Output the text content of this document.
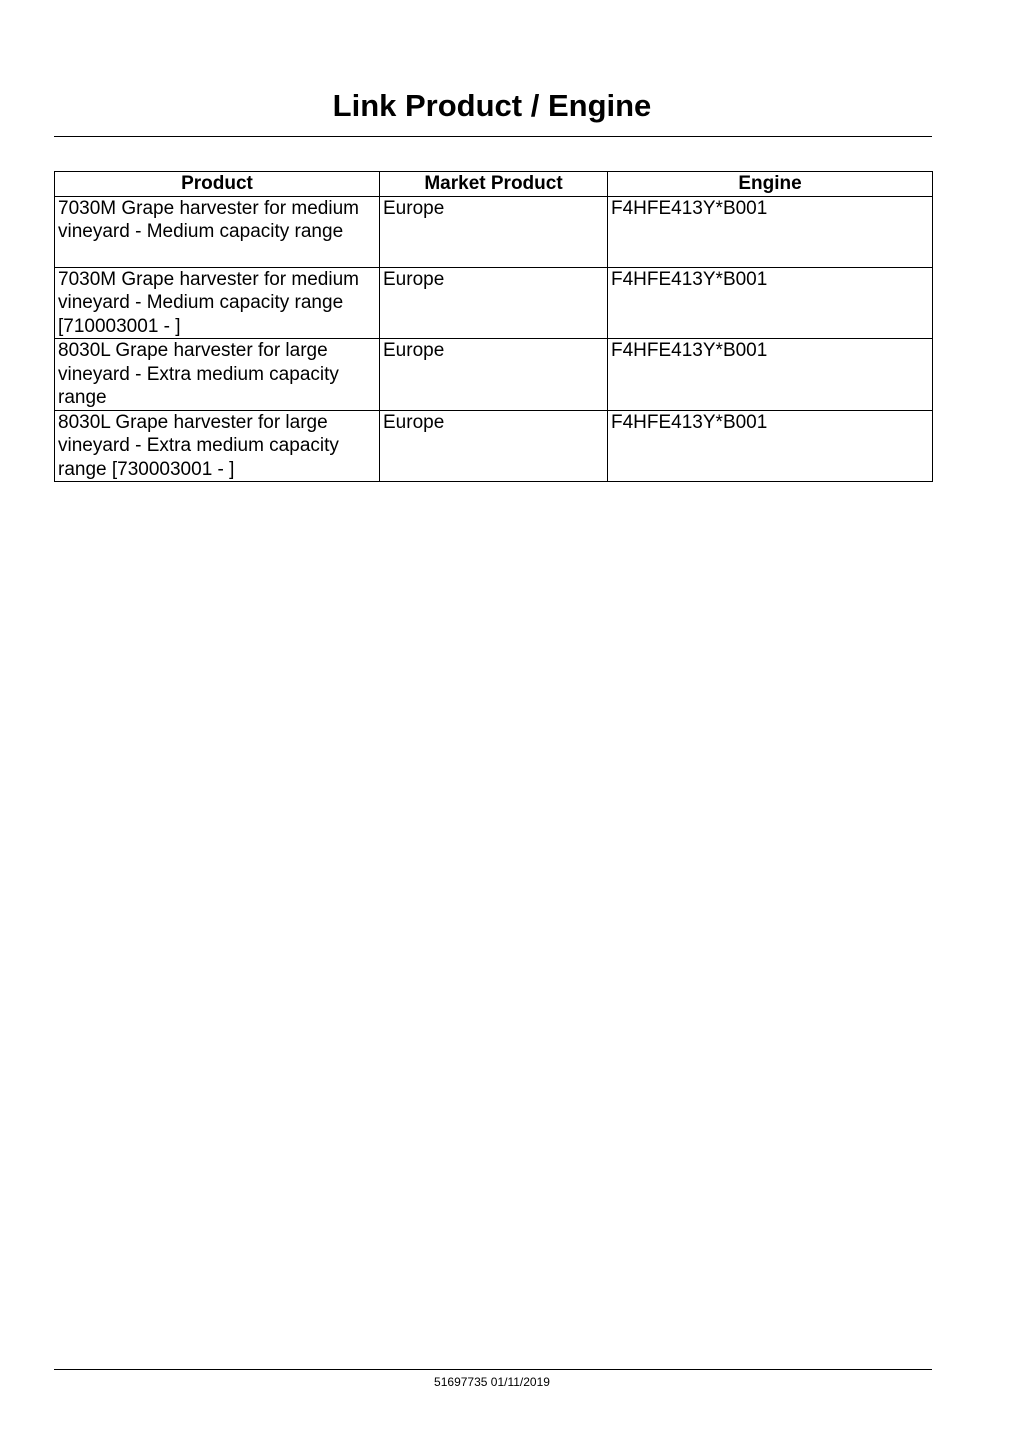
Link Product / Engine
Product	Market Product	Engine
7030M Grape harvester for medium vineyard - Medium capacity range	Europe	F4HFE413Y*B001
7030M Grape harvester for medium vineyard - Medium capacity range [710003001 - ]	Europe	F4HFE413Y*B001
8030L Grape harvester for large vineyard - Extra medium capacity range	Europe	F4HFE413Y*B001
8030L Grape harvester for large vineyard - Extra medium capacity range [730003001 - ]	Europe	F4HFE413Y*B001
51697735 01/11/2019
